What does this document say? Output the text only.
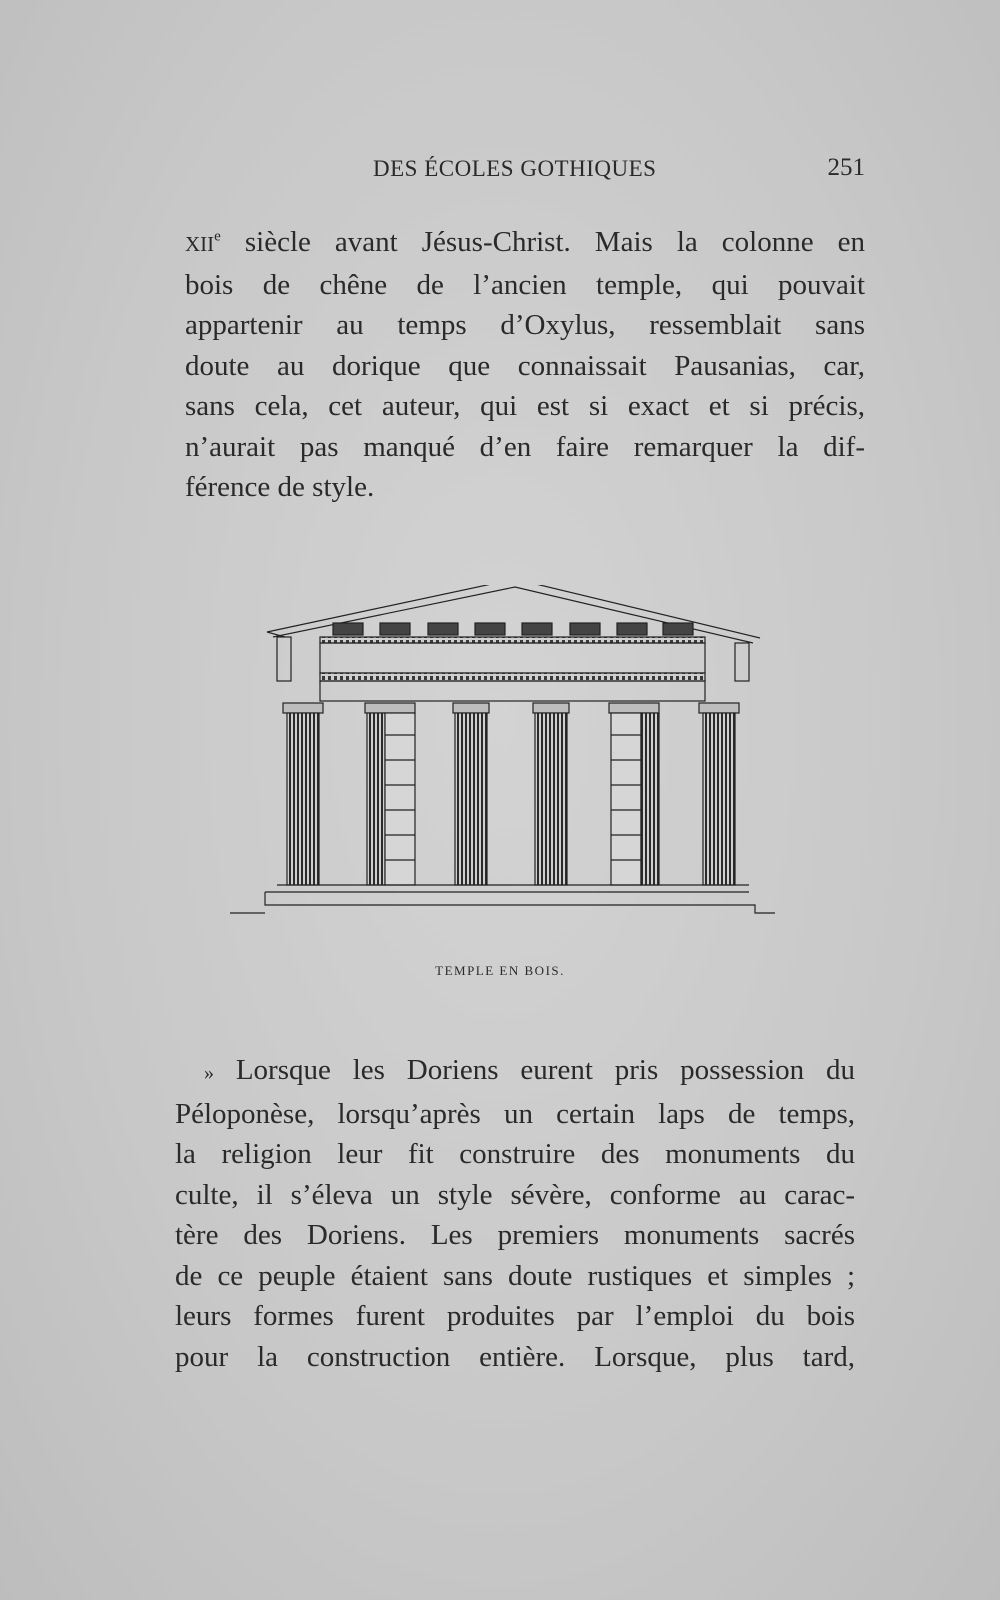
DES ÉCOLES GOTHIQUES	251
XIIe siècle avant Jésus-Christ. Mais la colonne en
bois de chêne de l’ancien temple, qui pouvait
appartenir au temps d’Oxylus, ressemblait sans
doute au dorique que connaissait Pausanias, car,
sans cela, cet auteur, qui est si exact et si précis,
n’aurait pas manqué d’en faire remarquer la dif-
férence de style.
TEMPLE EN BOIS.
 » Lorsque les Doriens eurent pris possession du
Péloponèse, lorsqu’après un certain laps de temps,
la religion leur fit construire des monuments du
culte, il s’éleva un style sévère, conforme au carac-
tère des Doriens. Les premiers monuments sacrés
de ce peuple étaient sans doute rustiques et simples ;
leurs formes furent produites par l’emploi du bois
pour la construction entière. Lorsque, plus tard,
